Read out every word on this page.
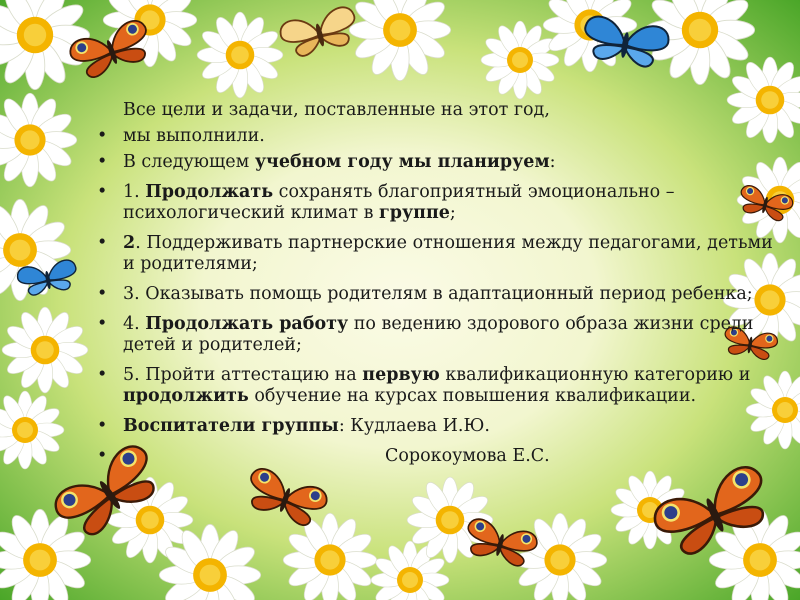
Все цели и задачи, поставленные на этот год,
• мы выполнили.
• В следующем учебном году мы планируем:
• 1. Продолжать сохранять благоприятный эмоционально – психологический климат в группе;
• 2. Поддерживать партнерские отношения между педагогами, детьми и родителями;
• 3. Оказывать помощь родителям в адаптационный период ребенка;
• 4. Продолжать работу по ведению здорового образа жизни среди детей и родителей;
• 5. Пройти аттестацию на первую квалификационную категорию и продолжить обучение на курсах повышения квалификации.
• Воспитатели группы: Кудлаева И.Ю.
•	Сорокоумова Е.С.
